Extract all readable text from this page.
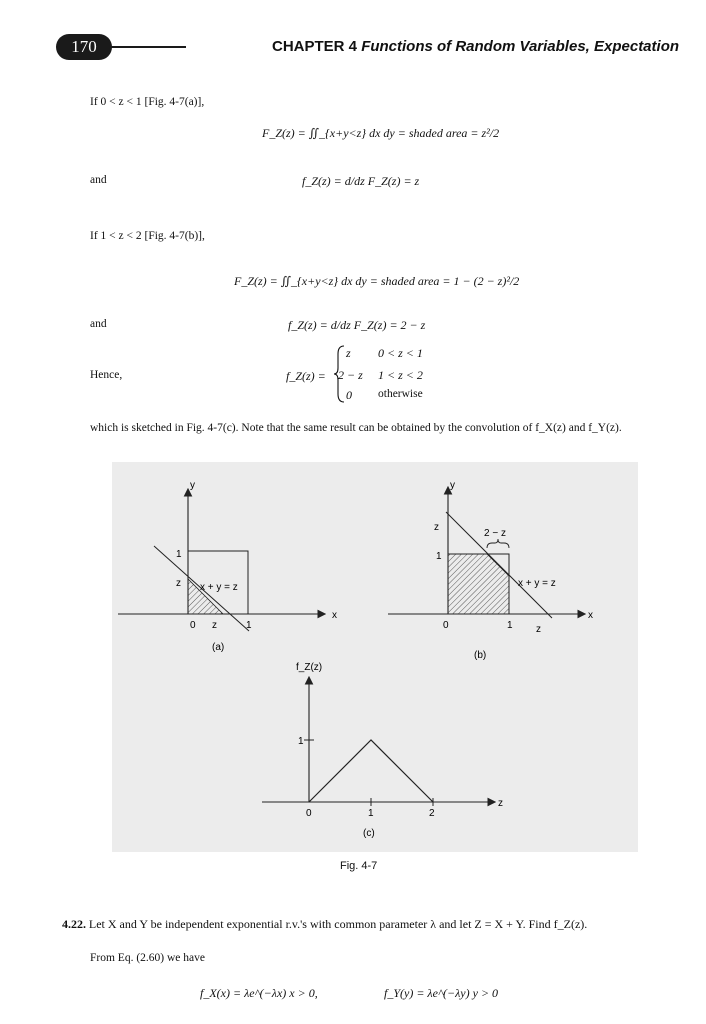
170	CHAPTER 4 Functions of Random Variables, Expectation
If 0 < z < 1 [Fig. 4-7(a)],
F_Z(z) = ∬_{x+y<z} dx dy = shaded area = z²/2
and	f_Z(z) = d/dz F_Z(z) = z
If 1 < z < 2 [Fig. 4-7(b)],
F_Z(z) = ∬_{x+y<z} dx dy = shaded area = 1 − (2 − z)²/2
and	f_Z(z) = d/dz F_Z(z) = 2 − z
Hence,	f_Z(z) =
z 0 < z < 1
2 − z 1 < z < 2
0 otherwise
which is sketched in Fig. 4-7(c). Note that the same result can be obtained by the convolution of f_X(z) and f_Y(z).
y
x
1
z x + y = z
0 z	1
(a)
y
x
z
1
2 − z
x + y = z
0	1 z
(b)
f_Z(z)
z
1
0	1	2
(c)
Fig. 4-7
4.22. Let X and Y be independent exponential r.v.'s with common parameter λ and let Z = X + Y. Find f_Z(z).
From Eq. (2.60) we have
f_X(x) = λe^(−λx) x > 0,	f_Y(y) = λe^(−λy) y > 0
